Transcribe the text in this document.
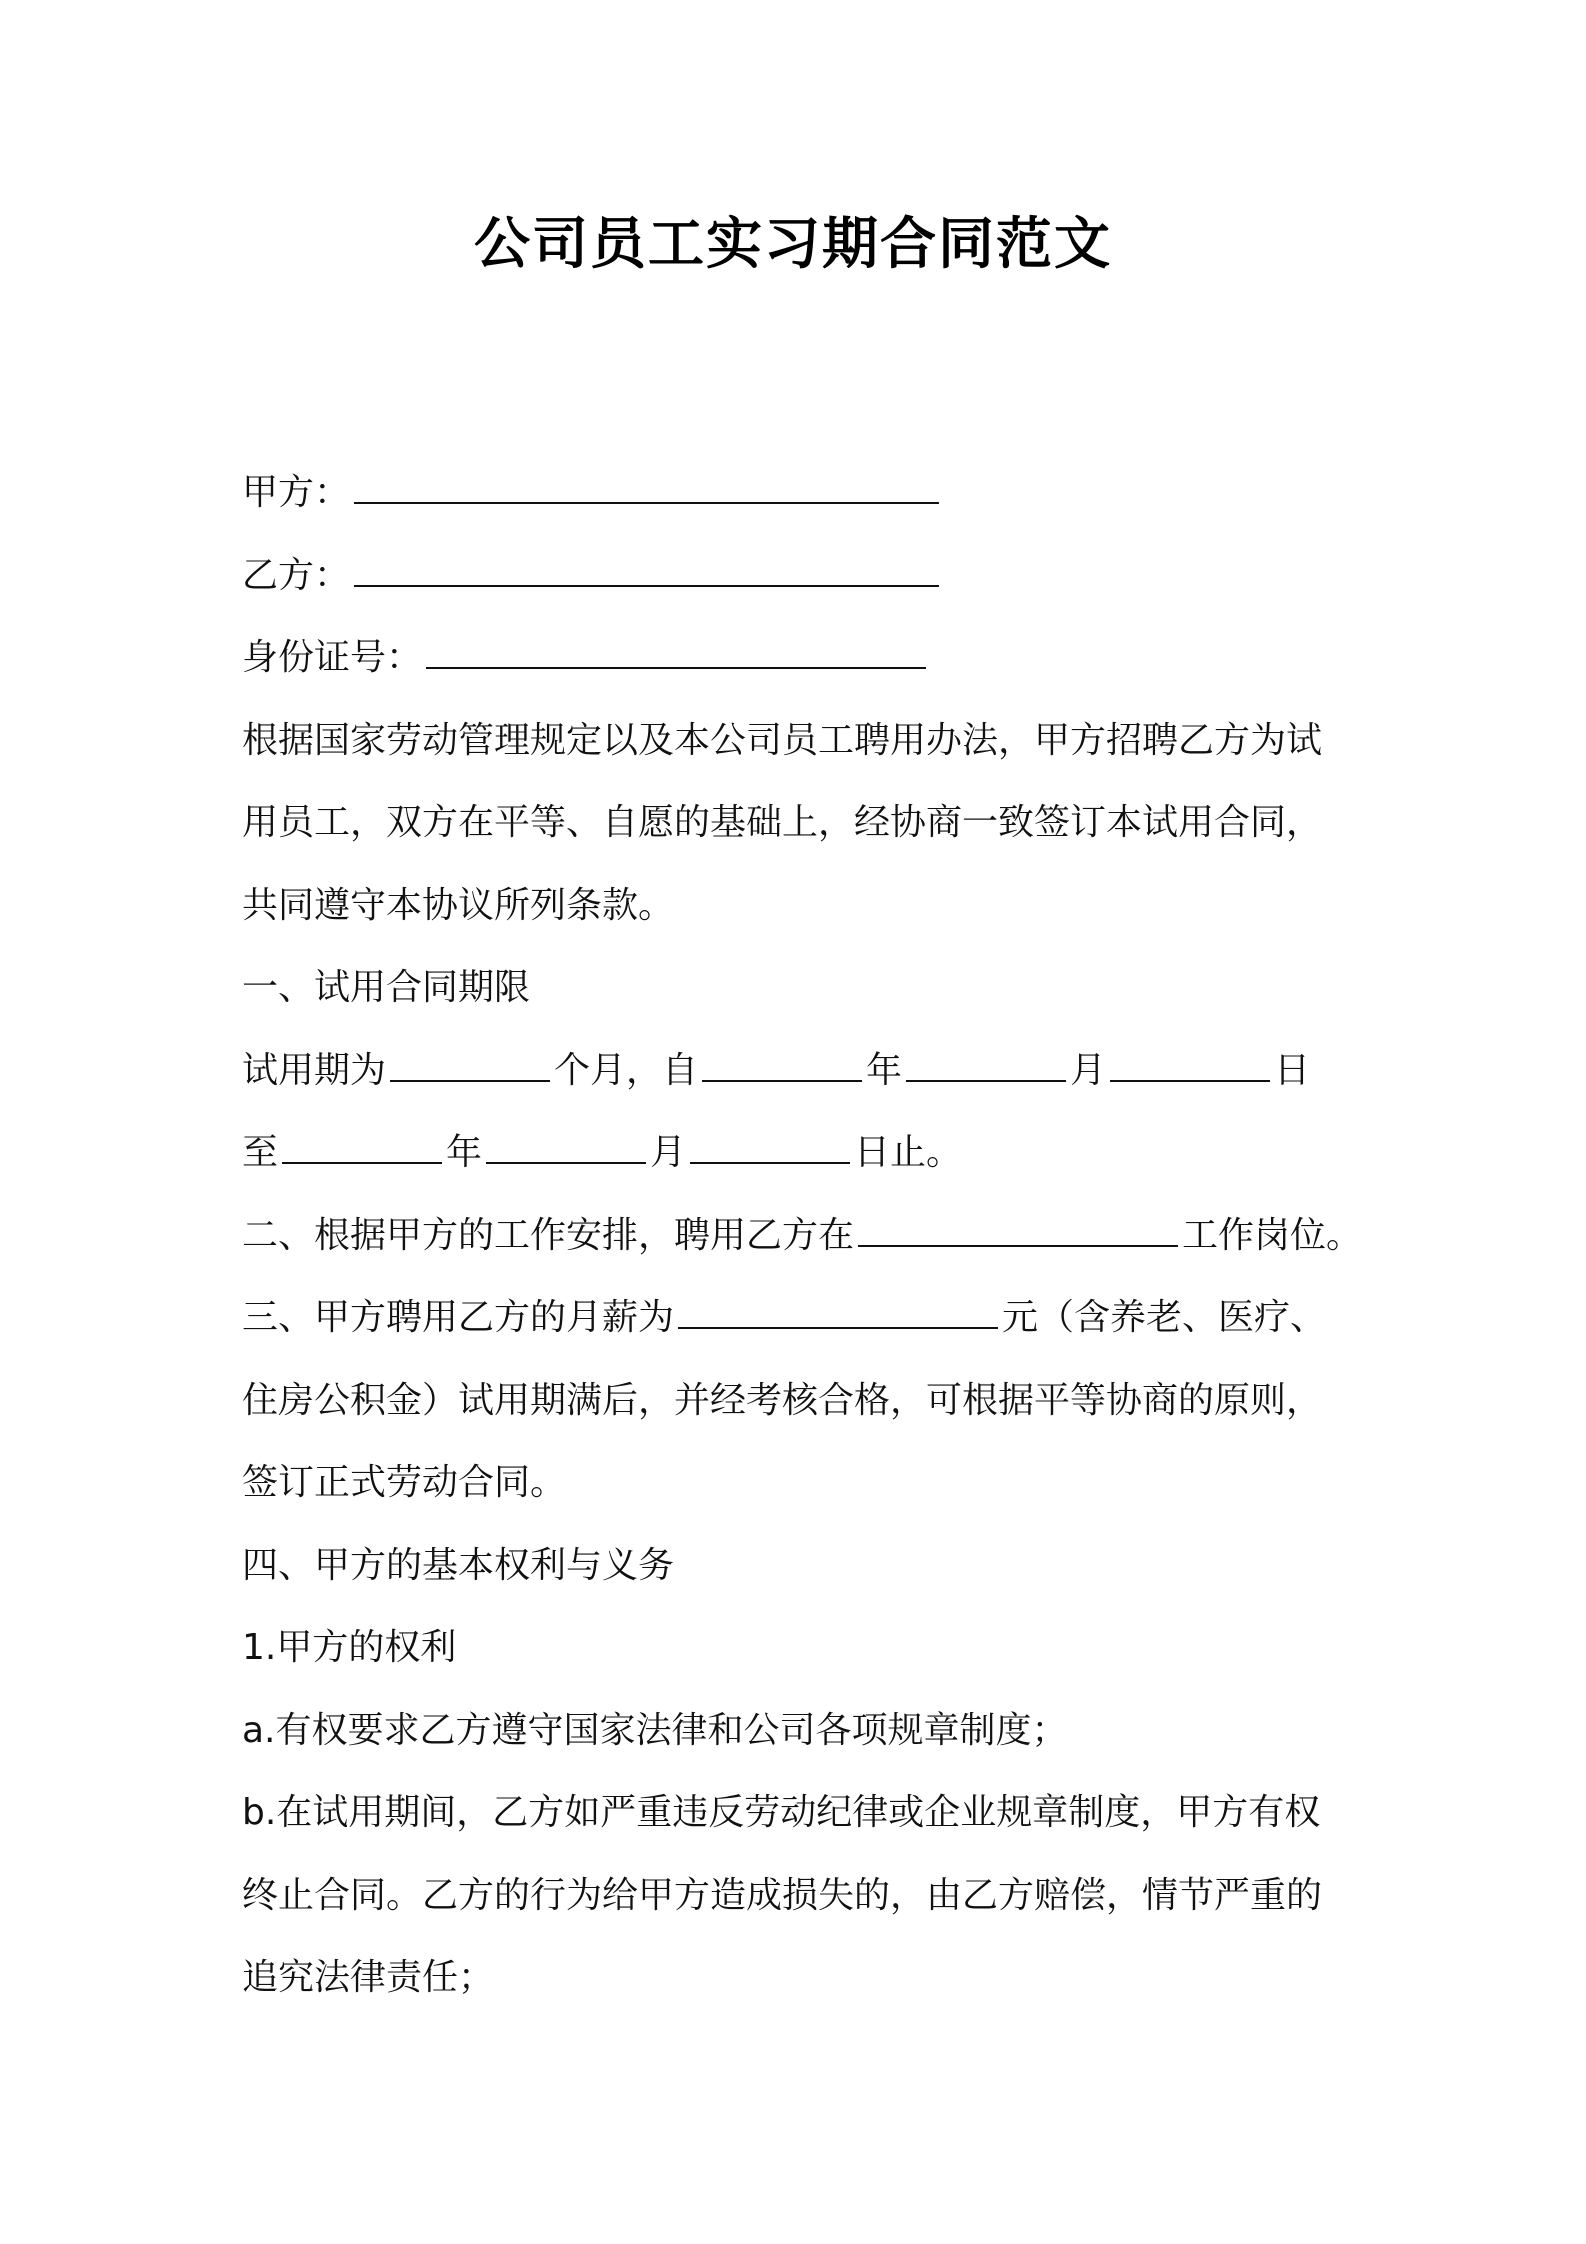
公司员工实习期合同范文
甲方：
乙方：
身份证号：
根据国家劳动管理规定以及本公司员工聘用办法，甲方招聘乙方为试
用员工，双方在平等、自愿的基础上，经协商一致签订本试用合同，
共同遵守本协议所列条款。
一、试用合同期限
试用期为	个月，自	年	月	日
至	年	月	日止。
二、根据甲方的工作安排，聘用乙方在	工作岗位。
三、甲方聘用乙方的月薪为	元（含养老、医疗、
住房公积金）试用期满后，并经考核合格，可根据平等协商的原则，
签订正式劳动合同。
四、甲方的基本权利与义务
1.甲方的权利
a.有权要求乙方遵守国家法律和公司各项规章制度；
b.在试用期间，乙方如严重违反劳动纪律或企业规章制度，甲方有权
终止合同。乙方的行为给甲方造成损失的，由乙方赔偿，情节严重的
追究法律责任；
